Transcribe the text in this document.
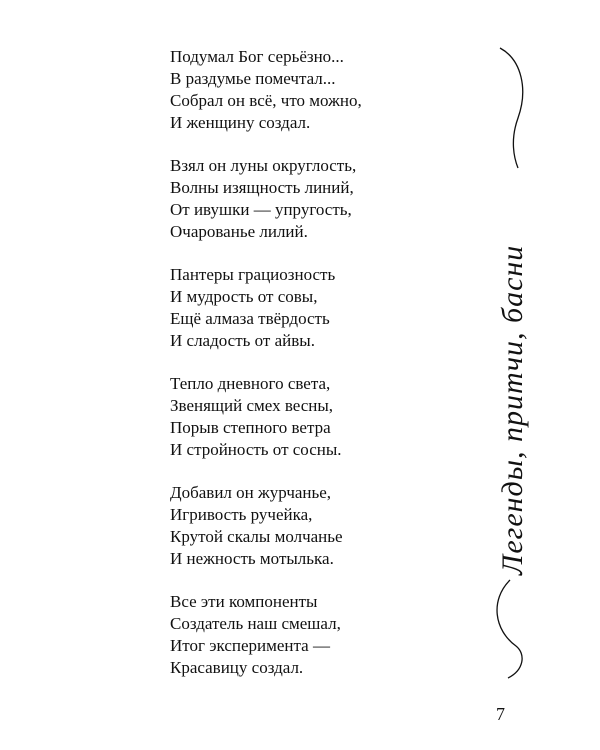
Подумал Бог серьёзно...
В раздумье помечтал...
Собрал он всё, что можно,
И женщину создал.
Взял он луны округлость,
Волны изящность линий,
От ивушки — упругость,
Очарованье лилий.
Пантеры грациозность
И мудрость от совы,
Ещё алмаза твёрдость
И сладость от айвы.
Тепло дневного света,
Звенящий смех весны,
Порыв степного ветра
И стройность от сосны.
Добавил он журчанье,
Игривость ручейка,
Крутой скалы молчанье
И нежность мотылька.
Все эти компоненты
Создатель наш смешал,
Итог эксперимента —
Красавицу создал.
Легенды, притчи, басни
7
